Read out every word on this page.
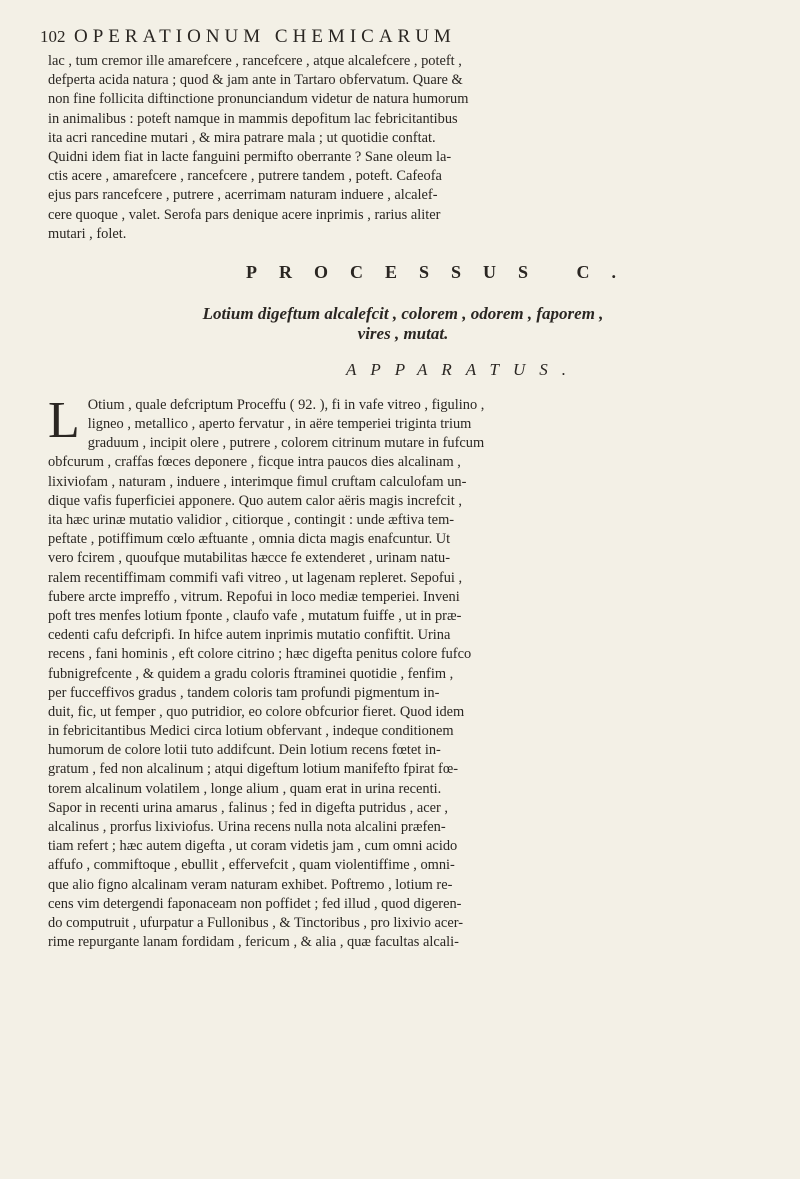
102 OPERATIONUM CHEMICARUM
lac , tum cremor ille amarefcere , rancefcere , atque alcalefcere , poteft ,
defperta acida natura ; quod & jam ante in Tartaro obfervatum. Quare &
non fine follicita diftinctione pronunciandum videtur de natura humorum
in animalibus : poteft namque in mammis depofitum lac febricitantibus
ita acri rancedine mutari , & mira patrare mala ; ut quotidie conftat.
Quidni idem fiat in lacte fanguini permifto oberrante ? Sane oleum la-
ctis acere , amarefcere , rancefcere , putrere tandem , poteft. Cafeofa
ejus pars rancefcere , putrere , acerrimam naturam induere , alcalef-
cere quoque , valet. Serofa pars denique acere inprimis , rarius aliter
mutari , folet.
PROCESSUS C.
Lotium digeftum alcalefcit , colorem , odorem , faporem ,
vires , mutat.
APPARATUS.
L Otium , quale defcriptum Proceffu ( 92. ), fi in vafe vitreo , figulino ,
ligneo , metallico , aperto fervatur , in aëre temperiei triginta trium
graduum , incipit olere , putrere , colorem citrinum mutare in fufcum
obfcurum , craffas fœces deponere , ficque intra paucos dies alcalinam ,
lixiviofam , naturam , induere , interimque fimul cruftam calculofam un-
dique vafis fuperficiei apponere. Quo autem calor aëris magis increfcit ,
ita hæc urinæ mutatio validior , citiorque , contingit : unde æftiva tem-
peftate , potiffimum cœlo æftuante , omnia dicta magis enafcuntur. Ut
vero fcirem , quoufque mutabilitas hæcce fe extenderet , urinam natu-
ralem recentiffimam commifi vafi vitreo , ut lagenam repleret. Sepofui ,
fubere arcte impreffo , vitrum. Repofui in loco mediæ temperiei. Inveni
poft tres menfes lotium fponte , claufo vafe , mutatum fuiffe , ut in præ-
cedenti cafu defcripfi. In hifce autem inprimis mutatio confiftit. Urina
recens , fani hominis , eft colore citrino ; hæc digefta penitus colore fufco
fubnigrefcente , & quidem a gradu coloris ftraminei quotidie , fenfim ,
per fucceffivos gradus , tandem coloris tam profundi pigmentum in-
duit, fic, ut femper , quo putridior, eo colore obfcurior fieret. Quod idem
in febricitantibus Medici circa lotium obfervant , indeque conditionem
humorum de colore lotii tuto addifcunt. Dein lotium recens fœtet in-
gratum , fed non alcalinum ; atqui digeftum lotium manifefto fpirat fœ-
torem alcalinum volatilem , longe alium , quam erat in urina recenti.
Sapor in recenti urina amarus , falinus ; fed in digefta putridus , acer ,
alcalinus , prorfus lixiviofus. Urina recens nulla nota alcalini præfen-
tiam refert ; hæc autem digefta , ut coram videtis jam , cum omni acido
affufo , commiftoque , ebullit , effervefcit , quam violentiffime , omni-
que alio figno alcalinam veram naturam exhibet. Poftremo , lotium re-
cens vim detergendi faponaceam non poffidet ; fed illud , quod digeren-
do computruit , ufurpatur a Fullonibus , & Tinctoribus , pro lixivio acer-
rime repurgante lanam fordidam , fericum , & alia , quæ facultas alcali-
